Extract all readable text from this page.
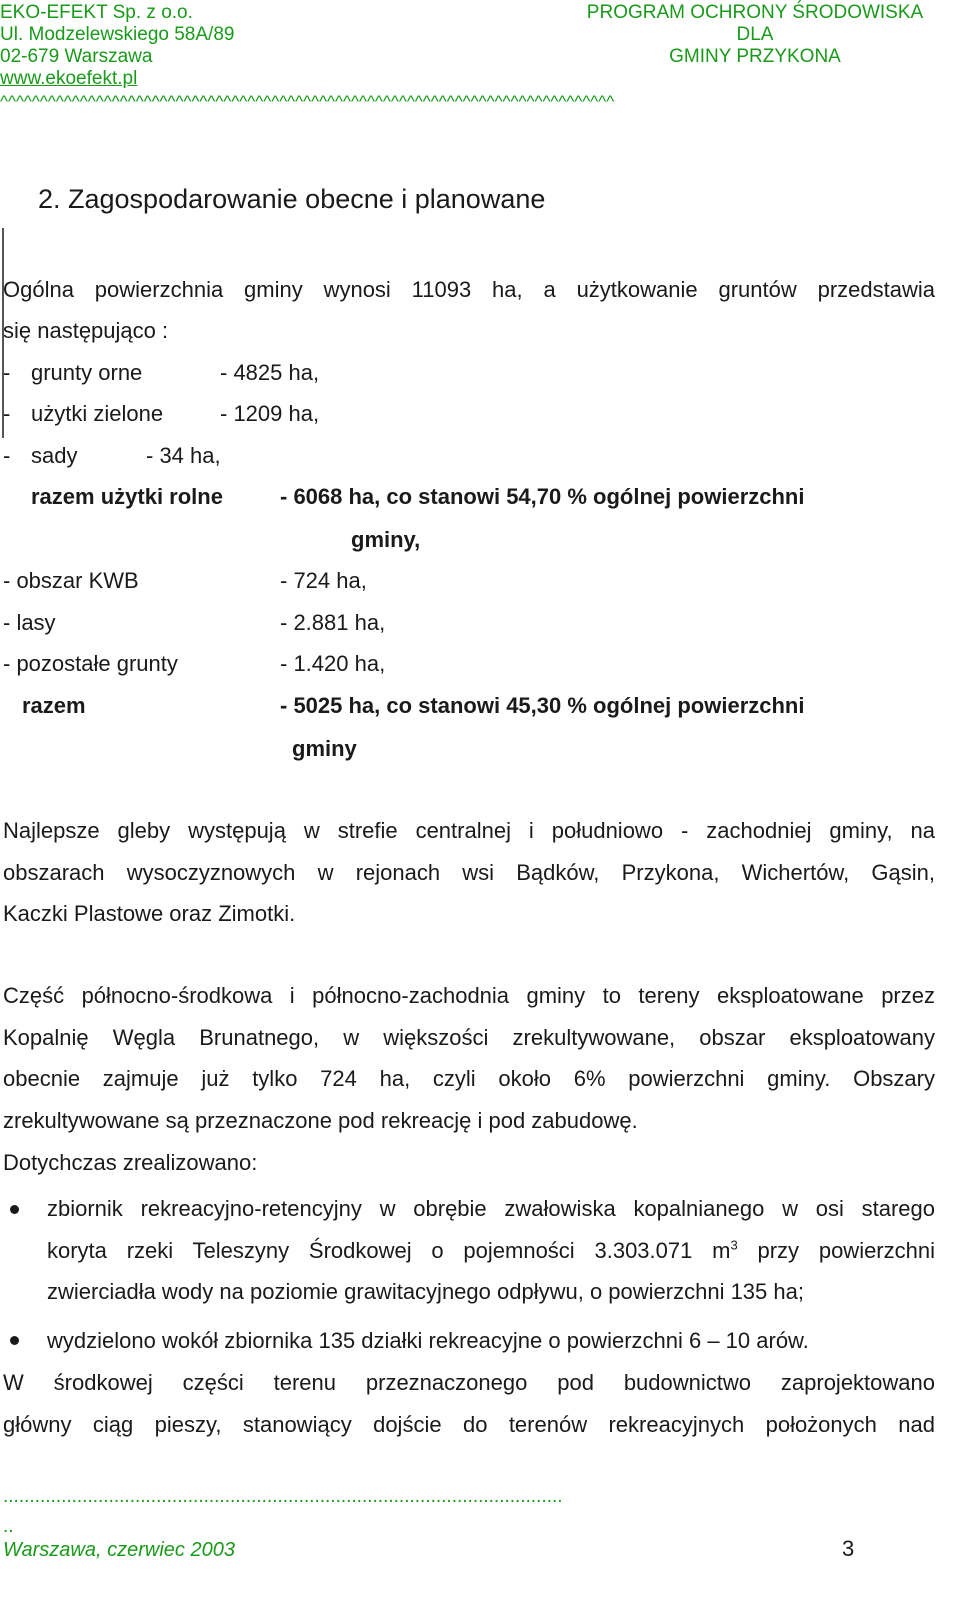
EKO-EFEKT Sp. z o.o.
Ul. Modzelewskiego 58A/89
02-679 Warszawa
www.ekoefekt.pl
PROGRAM OCHRONY ŚRODOWISKA
DLA
GMINY PRZYKONA
^^^^^^^^^^^^^^^^^^^^^^^^^^^^^^^^^^^^^^^^^^^^^^^^^^^^^^^^^^^^^^^^^^^^^^^^^^^^^
2. Zagospodarowanie obecne i planowane
Ogólna powierzchnia gminy wynosi 11093 ha, a użytkowanie gruntów przedstawia
się następująco :
- grunty orne	- 4825 ha,
- użytki zielone	- 1209 ha,
- sady	- 34 ha,
razem użytki rolne	- 6068 ha, co stanowi 54,70 % ogólnej powierzchni
gminy,
- obszar KWB	- 724 ha,
- lasy	- 2.881 ha,
- pozostałe grunty	- 1.420 ha,
razem	- 5025 ha, co stanowi 45,30 % ogólnej powierzchni
gminy
Najlepsze gleby występują w strefie centralnej i południowo - zachodniej gminy, na
obszarach wysoczyznowych w rejonach wsi Bądków, Przykona, Wichertów, Gąsin,
Kaczki Plastowe oraz Zimotki.
Część północno-środkowa i północno-zachodnia gminy to tereny eksploatowane przez
Kopalnię Węgla Brunatnego, w większości zrekultywowane, obszar eksploatowany
obecnie zajmuje już tylko 724 ha, czyli około 6% powierzchni gminy. Obszary
zrekultywowane są przeznaczone pod rekreację i pod zabudowę.
Dotychczas zrealizowano:
zbiornik rekreacyjno-retencyjny w obrębie zwałowiska kopalnianego w osi starego
koryta rzeki Teleszyny Środkowej o pojemności 3.303.071 $m^3$ przy powierzchni
zwierciadła wody na poziomie grawitacyjnego odpływu, o powierzchni 135 ha;
wydzielono wokół zbiornika 135 działki rekreacyjne o powierzchni 6 – 10 arów.
W środkowej części terenu przeznaczonego pod budownictwo zaprojektowano
główny ciąg pieszy, stanowiący dojście do terenów rekreacyjnych położonych nad
..........................................................................................................
..
Warszawa, czerwiec 2003	3
